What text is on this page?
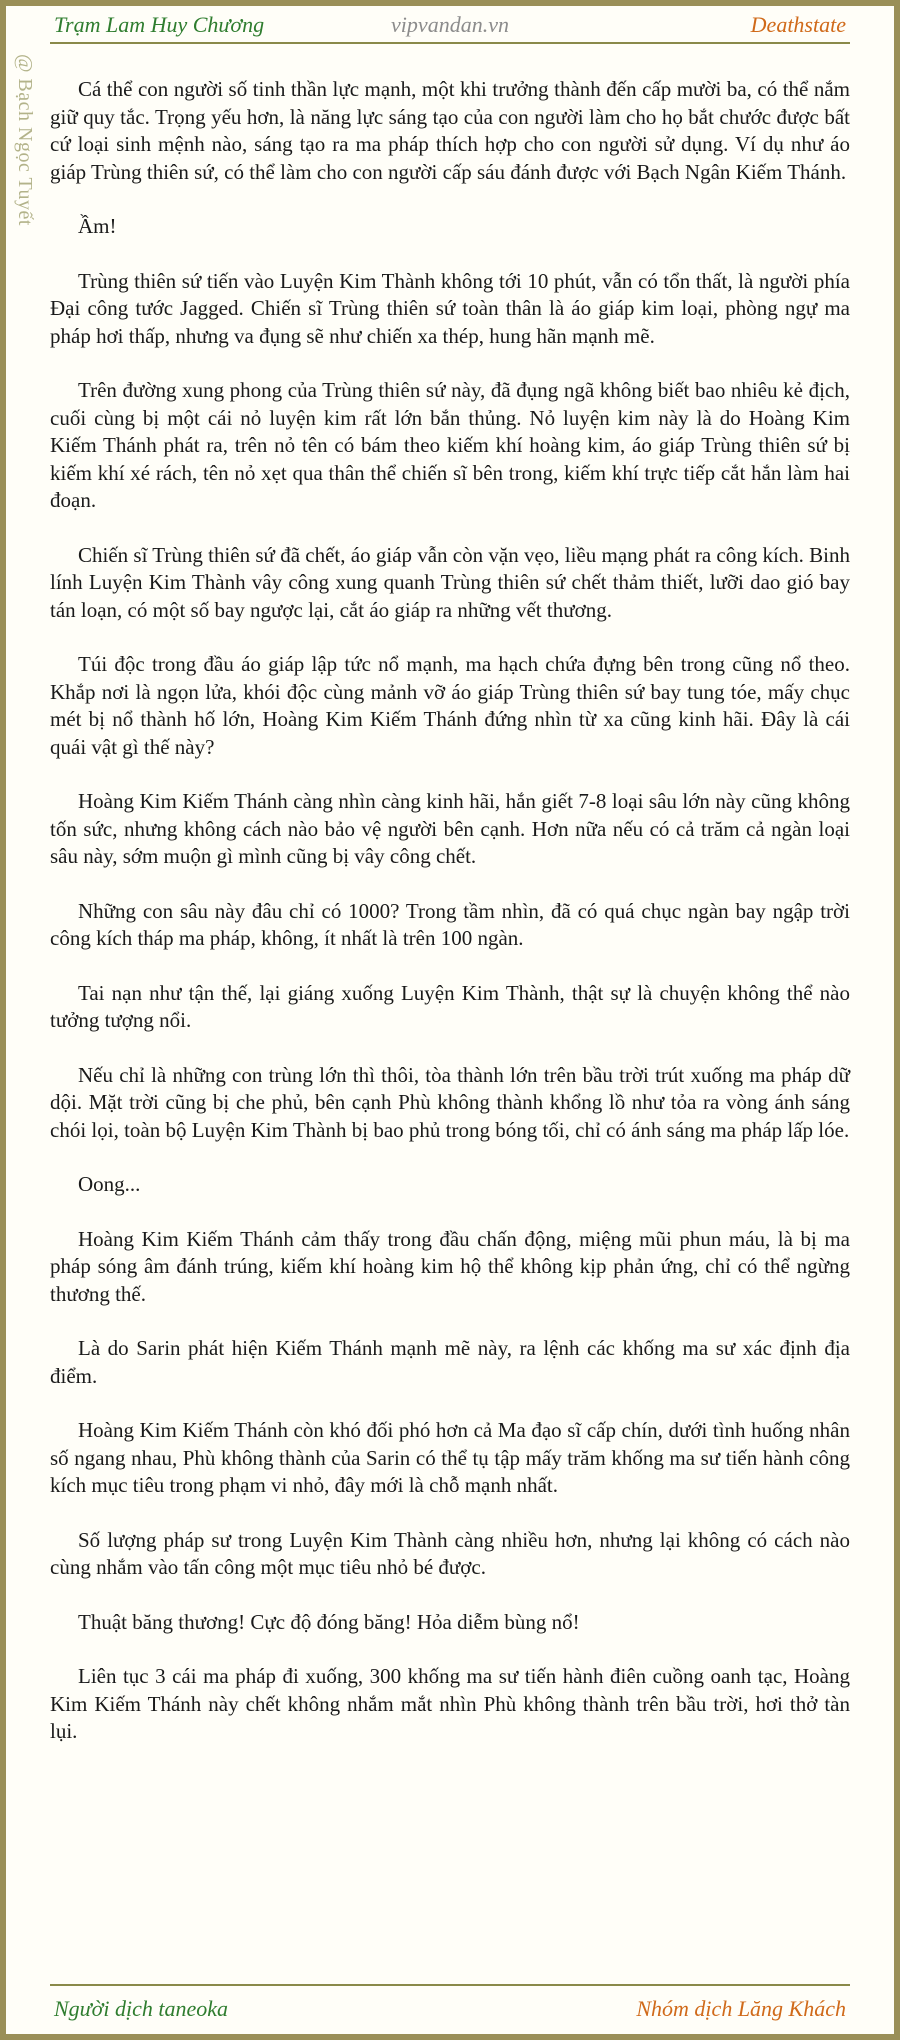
Trạm Lam Huy Chương	vipvandan.vn	Deathstate
@ Bạch Ngọc Tuyết	Cá thể con người số tinh thần lực mạnh, một khi trưởng thành đến cấp mười ba, có thể nắm giữ quy tắc. Trọng yếu hơn, là năng lực sáng tạo của con người làm cho họ bắt chước được bất cứ loại sinh mệnh nào, sáng tạo ra ma pháp thích hợp cho con người sử dụng. Ví dụ như áo giáp Trùng thiên sứ, có thể làm cho con người cấp sáu đánh được với Bạch Ngân Kiếm Thánh.

Ầm!

Trùng thiên sứ tiến vào Luyện Kim Thành không tới 10 phút, vẫn có tổn thất, là người phía Đại công tước Jagged. Chiến sĩ Trùng thiên sứ toàn thân là áo giáp kim loại, phòng ngự ma pháp hơi thấp, nhưng va đụng sẽ như chiến xa thép, hung hãn mạnh mẽ.

Trên đường xung phong của Trùng thiên sứ này, đã đụng ngã không biết bao nhiêu kẻ địch, cuối cùng bị một cái nỏ luyện kim rất lớn bắn thủng. Nỏ luyện kim này là do Hoàng Kim Kiếm Thánh phát ra, trên nỏ tên có bám theo kiếm khí hoàng kim, áo giáp Trùng thiên sứ bị kiếm khí xé rách, tên nỏ xẹt qua thân thể chiến sĩ bên trong, kiếm khí trực tiếp cắt hắn làm hai đoạn.

Chiến sĩ Trùng thiên sứ đã chết, áo giáp vẫn còn vặn vẹo, liều mạng phát ra công kích. Binh lính Luyện Kim Thành vây công xung quanh Trùng thiên sứ chết thảm thiết, lưỡi dao gió bay tán loạn, có một số bay ngược lại, cắt áo giáp ra những vết thương.

Túi độc trong đầu áo giáp lập tức nổ mạnh, ma hạch chứa đựng bên trong cũng nổ theo. Khắp nơi là ngọn lửa, khói độc cùng mảnh vỡ áo giáp Trùng thiên sứ bay tung tóe, mấy chục mét bị nổ thành hố lớn, Hoàng Kim Kiếm Thánh đứng nhìn từ xa cũng kinh hãi. Đây là cái quái vật gì thế này?

Hoàng Kim Kiếm Thánh càng nhìn càng kinh hãi, hắn giết 7-8 loại sâu lớn này cũng không tốn sức, nhưng không cách nào bảo vệ người bên cạnh. Hơn nữa nếu có cả trăm cả ngàn loại sâu này, sớm muộn gì mình cũng bị vây công chết.

Những con sâu này đâu chỉ có 1000? Trong tầm nhìn, đã có quá chục ngàn bay ngập trời công kích tháp ma pháp, không, ít nhất là trên 100 ngàn.

Tai nạn như tận thế, lại giáng xuống Luyện Kim Thành, thật sự là chuyện không thể nào tưởng tượng nổi.

Nếu chỉ là những con trùng lớn thì thôi, tòa thành lớn trên bầu trời trút xuống ma pháp dữ dội. Mặt trời cũng bị che phủ, bên cạnh Phù không thành khổng lồ như tỏa ra vòng ánh sáng chói lọi, toàn bộ Luyện Kim Thành bị bao phủ trong bóng tối, chỉ có ánh sáng ma pháp lấp lóe.

Oong...

Hoàng Kim Kiếm Thánh cảm thấy trong đầu chấn động, miệng mũi phun máu, là bị ma pháp sóng âm đánh trúng, kiếm khí hoàng kim hộ thể không kịp phản ứng, chỉ có thể ngừng thương thế.

Là do Sarin phát hiện Kiếm Thánh mạnh mẽ này, ra lệnh các khống ma sư xác định địa điểm.

Hoàng Kim Kiếm Thánh còn khó đối phó hơn cả Ma đạo sĩ cấp chín, dưới tình huống nhân số ngang nhau, Phù không thành của Sarin có thể tụ tập mấy trăm khống ma sư tiến hành công kích mục tiêu trong phạm vi nhỏ, đây mới là chỗ mạnh nhất.

Số lượng pháp sư trong Luyện Kim Thành càng nhiều hơn, nhưng lại không có cách nào cùng nhắm vào tấn công một mục tiêu nhỏ bé được.

Thuật băng thương! Cực độ đóng băng! Hỏa diễm bùng nổ!

Liên tục 3 cái ma pháp đi xuống, 300 khống ma sư tiến hành điên cuồng oanh tạc, Hoàng Kim Kiếm Thánh này chết không nhắm mắt nhìn Phù không thành trên bầu trời, hơi thở tàn lụi.

Người dịch taneoka	Nhóm dịch Lăng Khách
